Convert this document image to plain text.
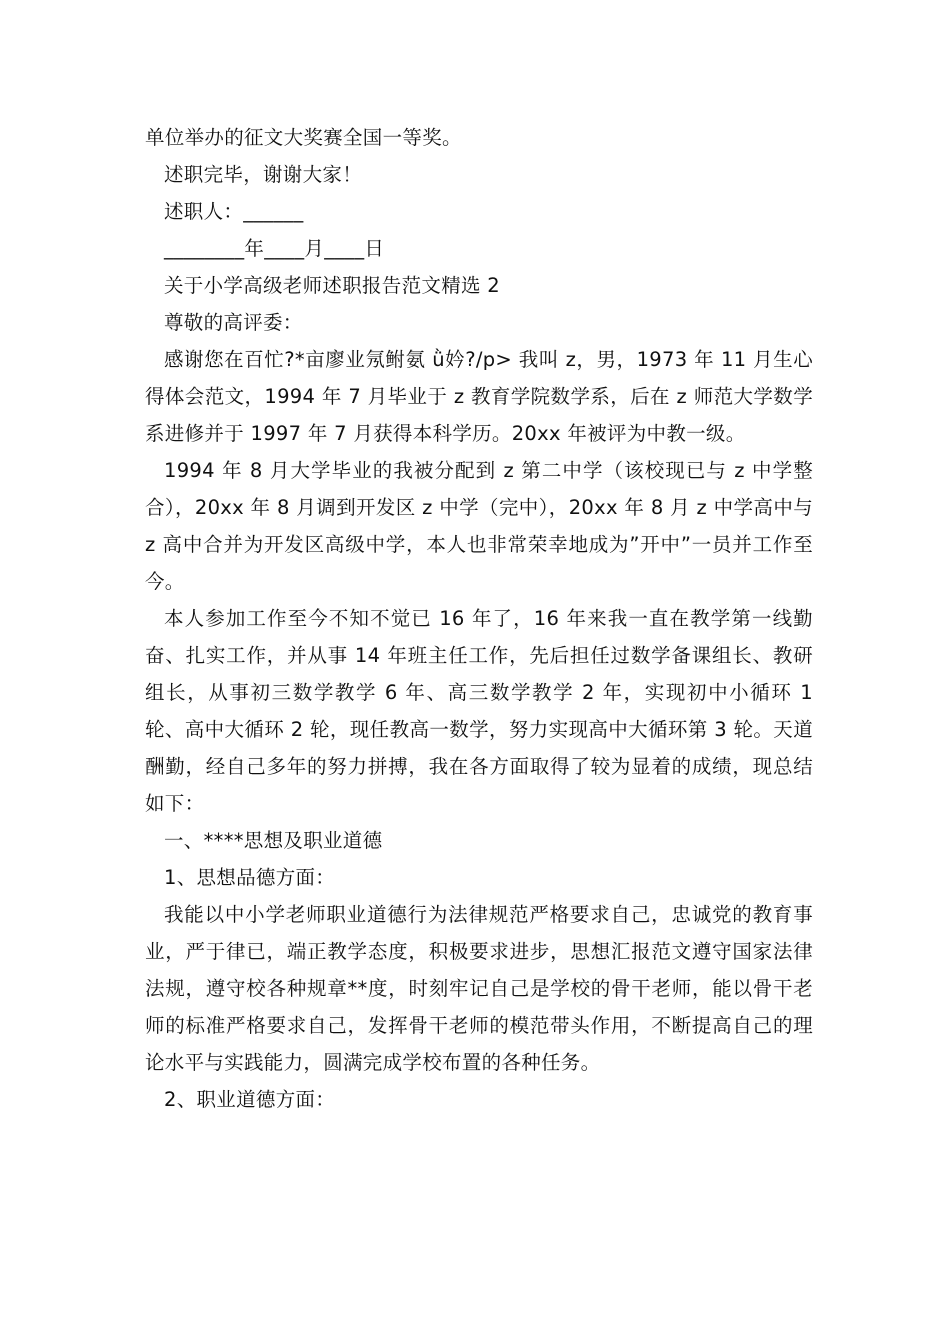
单位举办的征文大奖赛全国一等奖。

述职完毕，谢谢大家！

述职人：______

________年____月____日

关于小学高级老师述职报告范文精选 2

尊敬的高评委：

感谢您在百忙?*亩廖业氖鲋氨 ǜ妗?/p> 我叫 z，男，1973 年 11 月生心得体会范文，1994 年 7 月毕业于 z 教育学院数学系，后在 z 师范大学数学系进修并于 1997 年 7 月获得本科学历。20xx 年被评为中教一级。

1994 年 8 月大学毕业的我被分配到 z 第二中学（该校现已与 z 中学整合），20xx 年 8 月调到开发区 z 中学（完中），20xx 年 8 月 z 中学高中与 z 高中合并为开发区高级中学，本人也非常荣幸地成为”开中”一员并工作至今。

本人参加工作至今不知不觉已 16 年了，16 年来我一直在教学第一线勤奋、扎实工作，并从事 14 年班主任工作，先后担任过数学备课组长、教研组长，从事初三数学教学 6 年、高三数学教学 2 年，实现初中小循环 1 轮、高中大循环 2 轮，现任教高一数学，努力实现高中大循环第 3 轮。天道酬勤，经自己多年的努力拼搏，我在各方面取得了较为显着的成绩，现总结如下：

一、****思想及职业道德

1、思想品德方面：

我能以中小学老师职业道德行为法律规范严格要求自己，忠诚党的教育事业，严于律已，端正教学态度，积极要求进步，思想汇报范文遵守国家法律法规，遵守校各种规章**度，时刻牢记自己是学校的骨干老师，能以骨干老师的标准严格要求自己，发挥骨干老师的模范带头作用，不断提高自己的理论水平与实践能力，圆满完成学校布置的各种任务。

2、职业道德方面：
